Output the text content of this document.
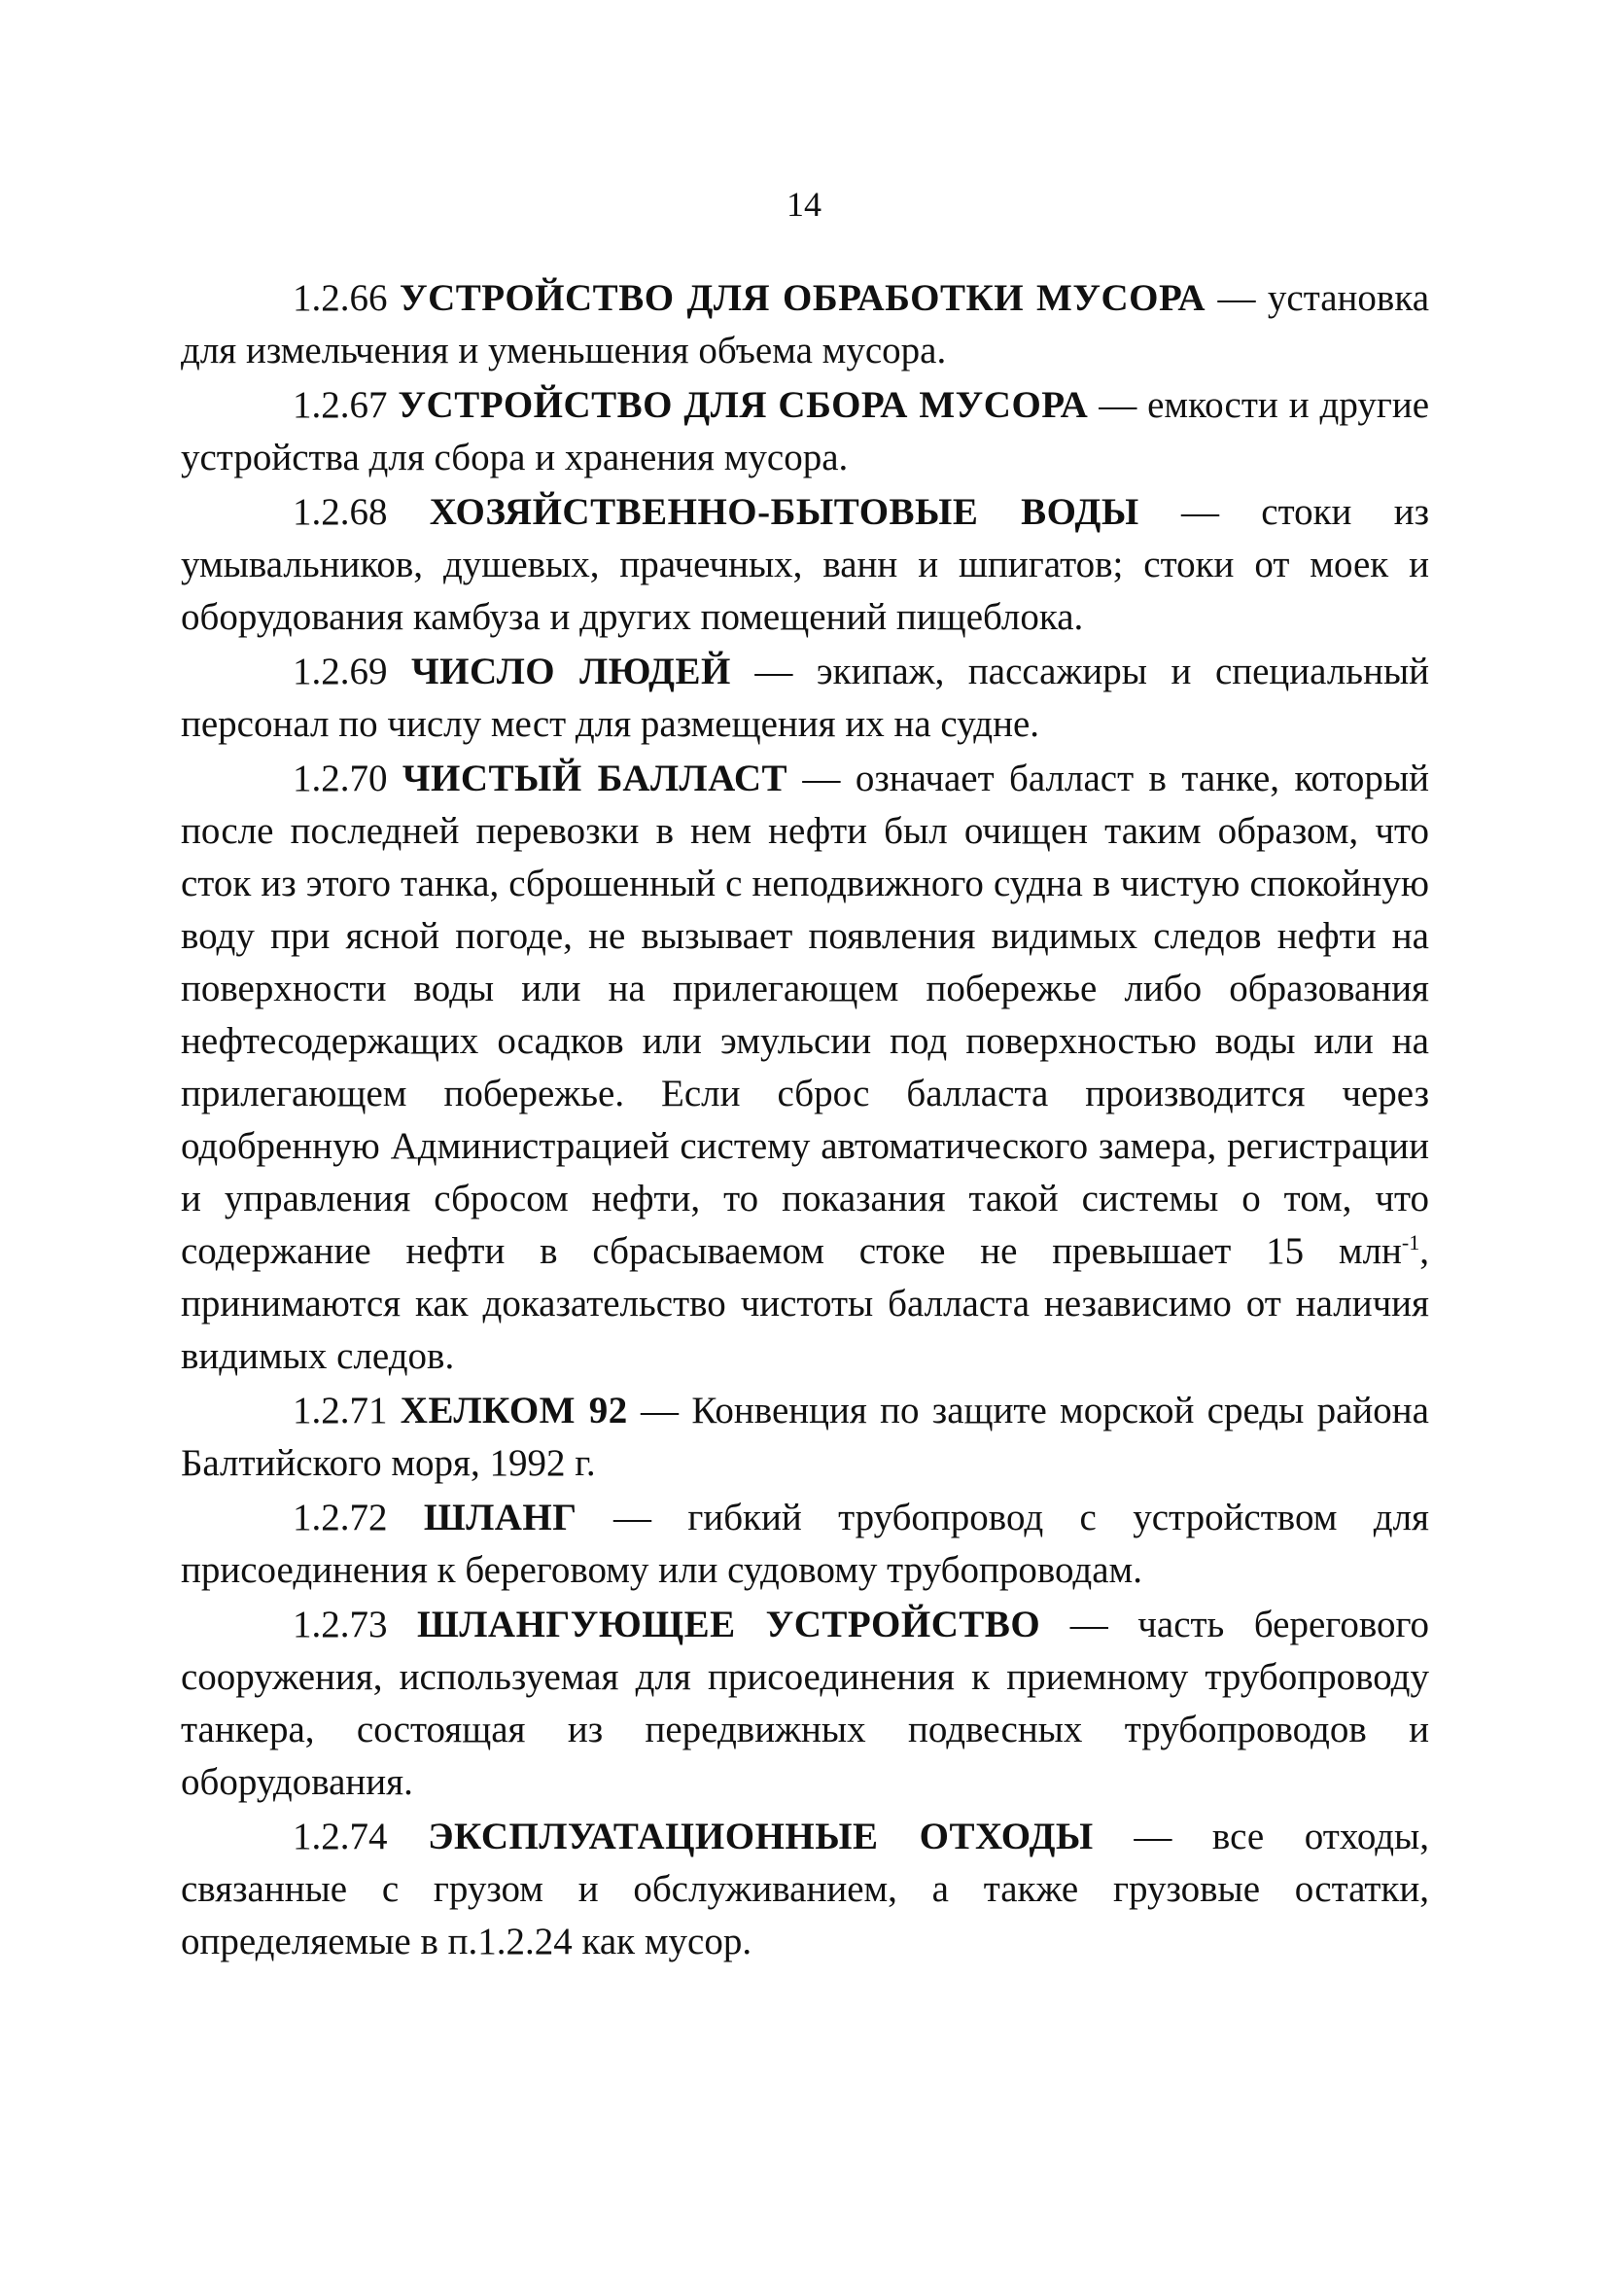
14

1.2.66 УСТРОЙСТВО ДЛЯ ОБРАБОТКИ МУСОРА — установка для измельчения и уменьшения объема мусора.

1.2.67 УСТРОЙСТВО ДЛЯ СБОРА МУСОРА — емкости и другие устройства для сбора и хранения мусора.

1.2.68 ХОЗЯЙСТВЕННО-БЫТОВЫЕ ВОДЫ — стоки из умывальников, душевых, прачечных, ванн и шпигатов; стоки от моек и оборудования камбуза и других помещений пищеблока.

1.2.69 ЧИСЛО ЛЮДЕЙ — экипаж, пассажиры и специальный персонал по числу мест для размещения их на судне.

1.2.70 ЧИСТЫЙ БАЛЛАСТ — означает балласт в танке, который после последней перевозки в нем нефти был очищен таким образом, что сток из этого танка, сброшенный с неподвижного судна в чистую спокойную воду при ясной погоде, не вызывает появления видимых следов нефти на поверхности воды или на прилегающем побережье либо образования нефтесодержащих осадков или эмульсии под поверхностью воды или на прилегающем побережье. Если сброс балласта производится через одобренную Администрацией систему автоматического замера, регистрации и управления сбросом нефти, то показания такой системы о том, что содержание нефти в сбрасываемом стоке не превышает 15 млн$^{-1}$, принимаются как доказательство чистоты балласта независимо от наличия видимых следов.

1.2.71 ХЕЛКОМ 92 — Конвенция по защите морской среды района Балтийского моря, 1992 г.

1.2.72 ШЛАНГ — гибкий трубопровод с устройством для присоединения к береговому или судовому трубопроводам.

1.2.73 ШЛАНГУЮЩЕЕ УСТРОЙСТВО — часть берегового сооружения, используемая для присоединения к приемному трубопроводу танкера, состоящая из передвижных подвесных трубопроводов и оборудования.

1.2.74 ЭКСПЛУАТАЦИОННЫЕ ОТХОДЫ — все отходы, связанные с грузом и обслуживанием, а также грузовые остатки, определяемые в п.1.2.24 как мусор.
